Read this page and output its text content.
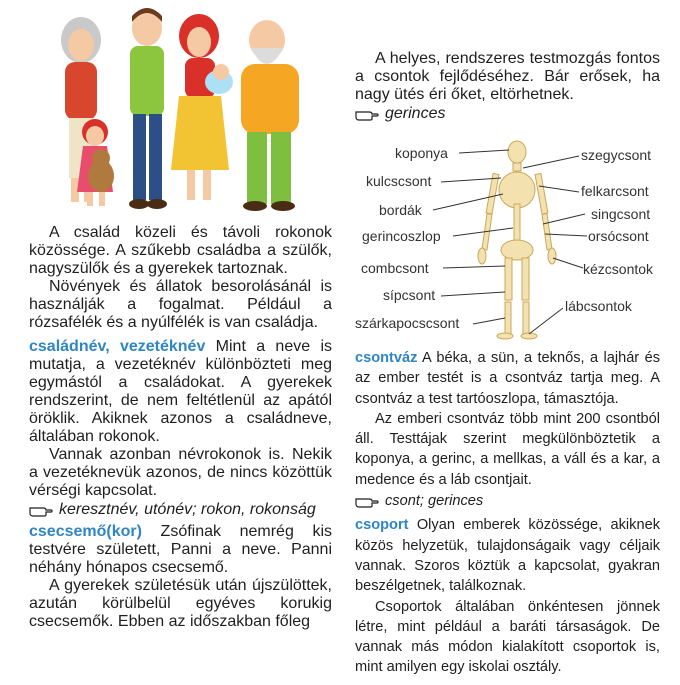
A család közeli és távoli rokonok közössége. A szűkebb családba a szülők, nagyszülők és a gyerekek tartoznak.

Növények és állatok besorolásánál is használják a fogalmat. Például a rózsafélék és a nyúlfélék is van családja.

családnév, vezetéknév Mint a neve is mutatja, a vezetéknév különbözteti meg egymástól a családokat. A gyerekek rendszerint, de nem feltétlenül az apától öröklik. Akiknek azonos a családneve, általában rokonok.

Vannak azonban névrokonok is. Nekik a vezetéknevük azonos, de nincs közöttük vérségi kapcsolat.

keresztnév, utónév; rokon, rokonság

csecsemő(kor) Zsófinak nemrég kis testvére született, Panni a neve. Panni néhány hónapos csecsemő.

A gyerekek születésük után újszülöttek, azután körülbelül egyéves korukig csecsemők. Ebben az időszakban főleg

A helyes, rendszeres testmozgás fontos a csontok fejlődéséhez. Bár erősek, ha nagy ütés éri őket, eltörhetnek.

gerinces
koponya
kulcscsont
bordák
gerincoszlop
combcsont
sípcsont
szárkapocscsont
szegycsont
felkarcsont
singcsont
orsócsont
kézcsontok
lábcsontok

csontváz A béka, a sün, a teknős, a lajhár és az ember testét is a csontváz tartja meg. A csontváz a test tartóoszlopa, támasztója.

Az emberi csontváz több mint 200 csontból áll. Testtájak szerint megkülönböztetik a koponya, a gerinc, a mellkas, a váll és a kar, a medence és a láb csontjait.

csont; gerinces

csoport Olyan emberek közössége, akiknek közös helyzetük, tulajdonságaik vagy céljaik vannak. Szoros köztük a kapcsolat, gyakran beszélgetnek, találkoznak.

Csoportok általában önkéntesen jönnek létre, mint például a baráti társaságok. De vannak más módon kialakított csoportok is, mint amilyen egy iskolai osztály.
